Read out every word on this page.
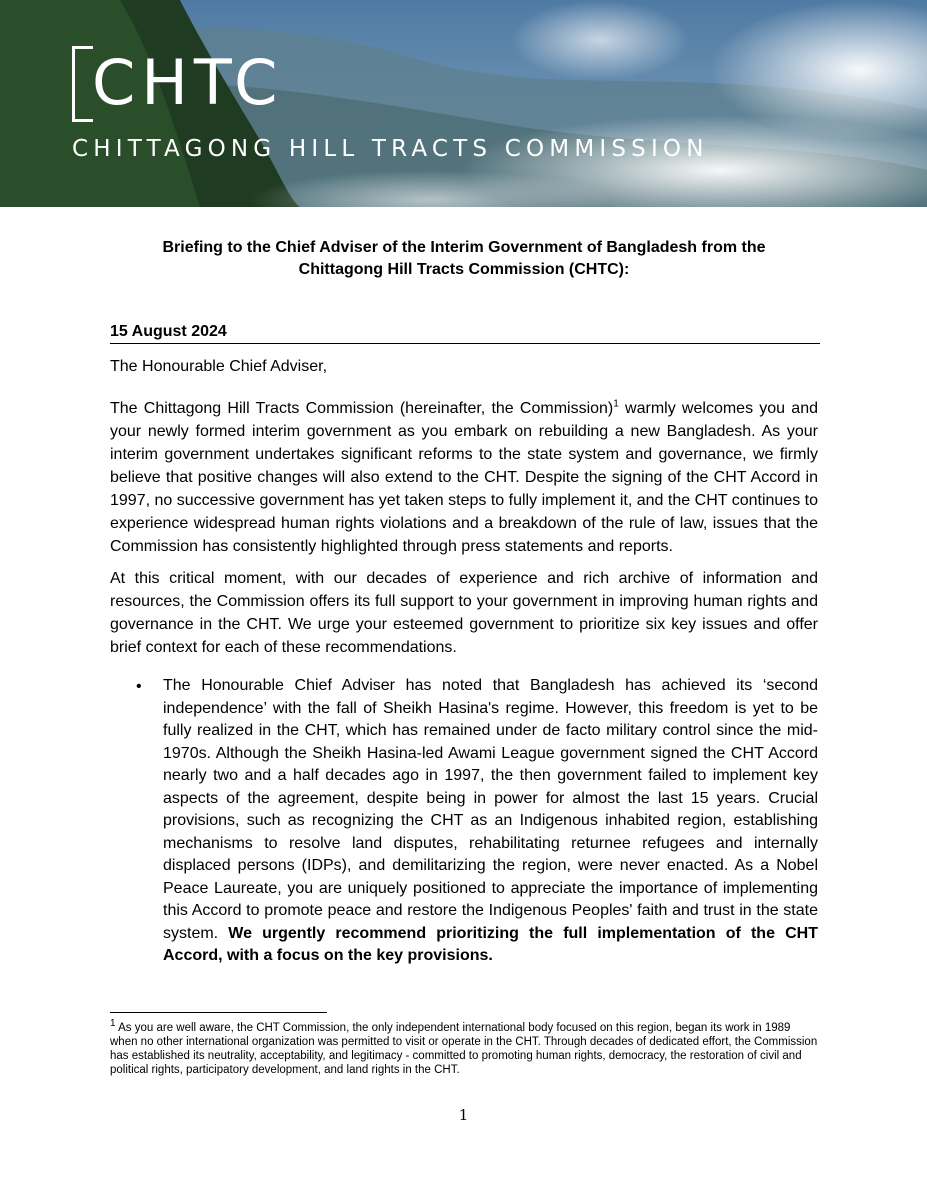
CHTC
CHITTAGONG HILL TRACTS COMMISSION
Briefing to the Chief Adviser of the Interim Government of Bangladesh from the
Chittagong Hill Tracts Commission (CHTC):
15 August 2024

The Honourable Chief Adviser,

The Chittagong Hill Tracts Commission (hereinafter, the Commission)$^1$ warmly welcomes you and your newly formed interim government as you embark on rebuilding a new Bangladesh. As your interim government undertakes significant reforms to the state system and governance, we firmly believe that positive changes will also extend to the CHT. Despite the signing of the CHT Accord in 1997, no successive government has yet taken steps to fully implement it, and the CHT continues to experience widespread human rights violations and a breakdown of the rule of law, issues that the Commission has consistently highlighted through press statements and reports.

At this critical moment, with our decades of experience and rich archive of information and resources, the Commission offers its full support to your government in improving human rights and governance in the CHT. We urge your esteemed government to prioritize six key issues and offer brief context for each of these recommendations.

• The Honourable Chief Adviser has noted that Bangladesh has achieved its ‘second independence’ with the fall of Sheikh Hasina's regime. However, this freedom is yet to be fully realized in the CHT, which has remained under de facto military control since the mid-1970s. Although the Sheikh Hasina-led Awami League government signed the CHT Accord nearly two and a half decades ago in 1997, the then government failed to implement key aspects of the agreement, despite being in power for almost the last 15 years. Crucial provisions, such as recognizing the CHT as an Indigenous inhabited region, establishing mechanisms to resolve land disputes, rehabilitating returnee refugees and internally displaced persons (IDPs), and demilitarizing the region, were never enacted. As a Nobel Peace Laureate, you are uniquely positioned to appreciate the importance of implementing this Accord to promote peace and restore the Indigenous Peoples' faith and trust in the state system. We urgently recommend prioritizing the full implementation of the CHT Accord, with a focus on the key provisions.

$^1$ As you are well aware, the CHT Commission, the only independent international body focused on this region, began its work in 1989 when no other international organization was permitted to visit or operate in the CHT. Through decades of dedicated effort, the Commission has established its neutrality, acceptability, and legitimacy - committed to promoting human rights, democracy, the restoration of civil and political rights, participatory development, and land rights in the CHT.

1
